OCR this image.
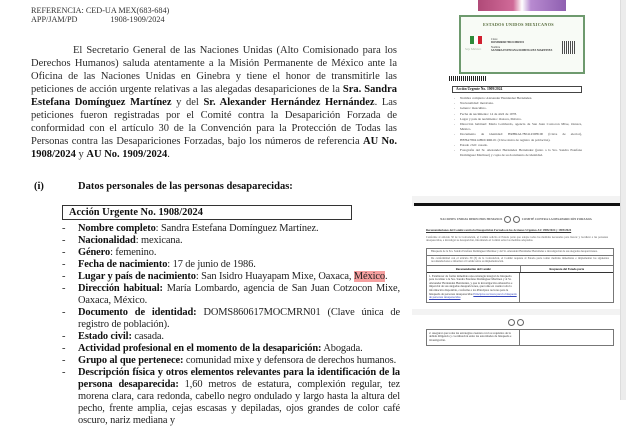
REFERENCIA: CED-UA MEX(683-684)
APP/JAM/PD	1908-1909/2024

El Secretario General de las Naciones Unidas (Alto Comisionado para los Derechos Humanos) saluda atentamente a la Misión Permanente de México ante la Oficina de las Naciones Unidas en Ginebra y tiene el honor de transmitirle las peticiones de acción urgente relativas a las alegadas desapariciones de la Sra. Sandra Estefana Domínguez Martínez y del Sr. Alexander Hernández Hernández. Las peticiones fueron registradas por el Comité contra la Desaparición Forzada de conformidad con el artículo 30 de la Convención para la Protección de Todas las Personas contra las Desapariciones Forzadas, bajo los números de referencia AU No. 1908/2024 y AU No. 1909/2024.

(i)	Datos personales de las personas desaparecidas:
Acción Urgente No. 1908/2024
- Nombre completo: Sandra Estefana Domínguez Martínez.
- Nacionalidad: mexicana.
- Género: femenino.
- Fecha de nacimiento: 17 de junio de 1986.
- Lugar y país de nacimiento: San Isidro Huayapam Mixe, Oaxaca, México.
- Dirección habitual: María Lombardo, agencia de San Juan Cotzocon Mixe, Oaxaca, México.
- Documento de identidad: DOMS860617MOCMRN01 (Clave única de registro de población).
- Estado civil: casada.
- Actividad profesional en el momento de la desaparición: Abogada.
- Grupo al que pertenece: comunidad mixe y defensora de derechos humanos.
- Descripción física y otros elementos relevantes para la identificación de la persona desaparecida: 1,60 metros de estatura, complexión regular, tez morena clara, cara redonda, cabello negro ondulado y largo hasta la altura del pecho, frente amplia, cejas escasas y depiladas, ojos grandes de color café oscuro, nariz mediana y
ESTADOS UNIDOS MEXICANOS
Soy México
Clave
DOMS860617MOCMRN01
Nombre
SANDRA ESTEFANA DOMINGUEZ MARTINEZ
Acción Urgente No. 1909/2024
- Nombre completo: Alexander Hernández Hernández.
- Nacionalidad: mexicana.
- Género: masculino.
- Fecha de nacimiento: 14 de abril de 1978.
- Lugar y país de nacimiento: Oaxaca, México.
- Dirección habitual: María Lombardo, agencia de San Juan Cotzocon Mixe, Oaxaca, México.
- Documento de identidad: HRHRAL78041430H100 (Clave de elector), HEHA780414HOCRRL01 (Clave única de registro de población).
- Estado civil: casado.
- Fotografía del Sr. Alexander Hernández Hernández (junto a la Sra. Sandra Estefana Domínguez Martínez) y copia de su documento de identidad.
NACIONES UNIDAS DERECHOS HUMANOS	COMITÉ CONTRA LA DESAPARICIÓN FORZADA
Recomendaciones del Comité contra la Desaparición Forzada en las Acciones Urgentes AU 1908/2024 y 1909/2024
Conforme al artículo 30 de la Convención, el Comité solicita al Estado parte que adopte todas las medidas necesarias para buscar y localizar a las personas desaparecidas, e investigar su desaparición, informando al Comité sobre las medidas adoptadas.
Búsqueda de la Sra. Sandra Estefana Domínguez Martínez y del Sr. Alexander Hernández Hernández e investigación de sus alegadas desapariciones.
De conformidad con el artículo 30 (3) de la Convención, el Comité requiere al Estado parte tomar medidas inmediatas e implementar las siguientes recomendaciones e informar al Comité sobre su implementación.
Recomendación del Comité	Respuesta del Estado parte
1. Establecer de forma inmediata una estrategia integral de búsqueda para localizar a la Sra. Sandra Estefana Domínguez Martínez y al Sr. Alexander Hernández Hernández, y que la investigación exhaustiva e imparcial de sus alegadas desapariciones, que tome en cuenta toda la información disponible, conforme a los Principios rectores para la búsqueda de personas desaparecidas Principios rectores para la búsqueda de personas desaparecidas
2. Asegurar que todas las estrategias cuenten con los requisitos de la debida diligencia y coordinación entre las autoridades de búsqueda e investigación.
